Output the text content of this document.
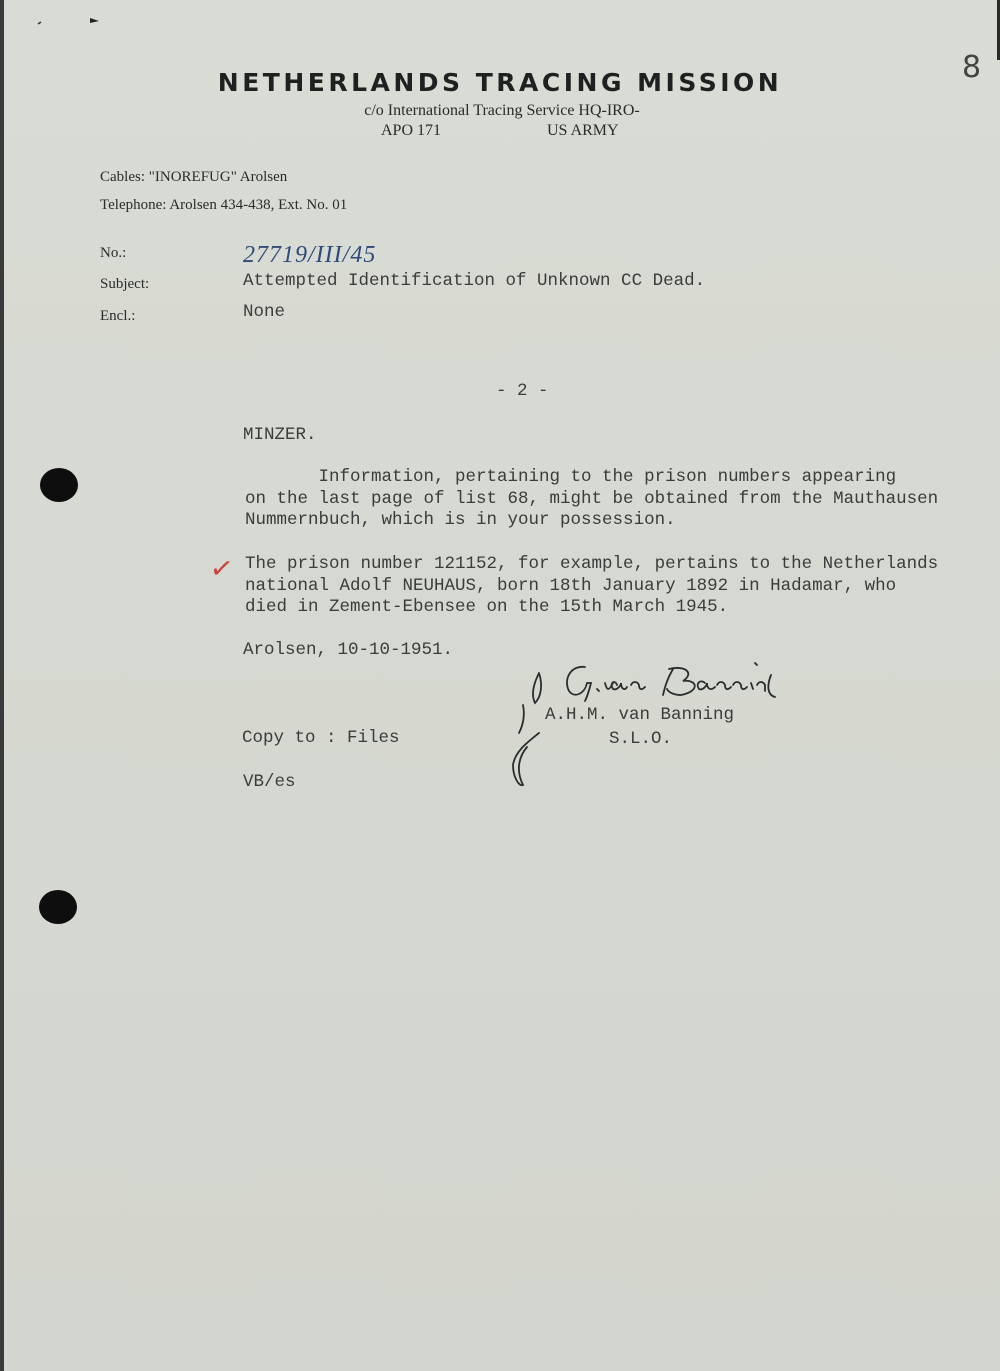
NETHERLANDS TRACING MISSION
c/o International Tracing Service HQ-IRO-
APO 171	US ARMY
Cables: "INOREFUG" Arolsen
Telephone: Arolsen 434-438, Ext. No. 01
No.:
Subject:
Encl.:
27719/III/45
Attempted Identification of Unknown CC Dead.
None
8
- 2 -
MINZER.
Information, pertaining to the prison numbers appearing
on the last page of list 68, might be obtained from the Mauthausen
Nummernbuch, which is in your possession.
✓ The prison number 121152, for example, pertains to the Netherlands
national Adolf NEUHAUS, born 18th January 1892 in Hadamar, who
died in Zement-Ebensee on the 15th March 1945.
Arolsen, 10-10-1951.
A.H.M. van Banning
S.L.O.
Copy to : Files
VB/es
